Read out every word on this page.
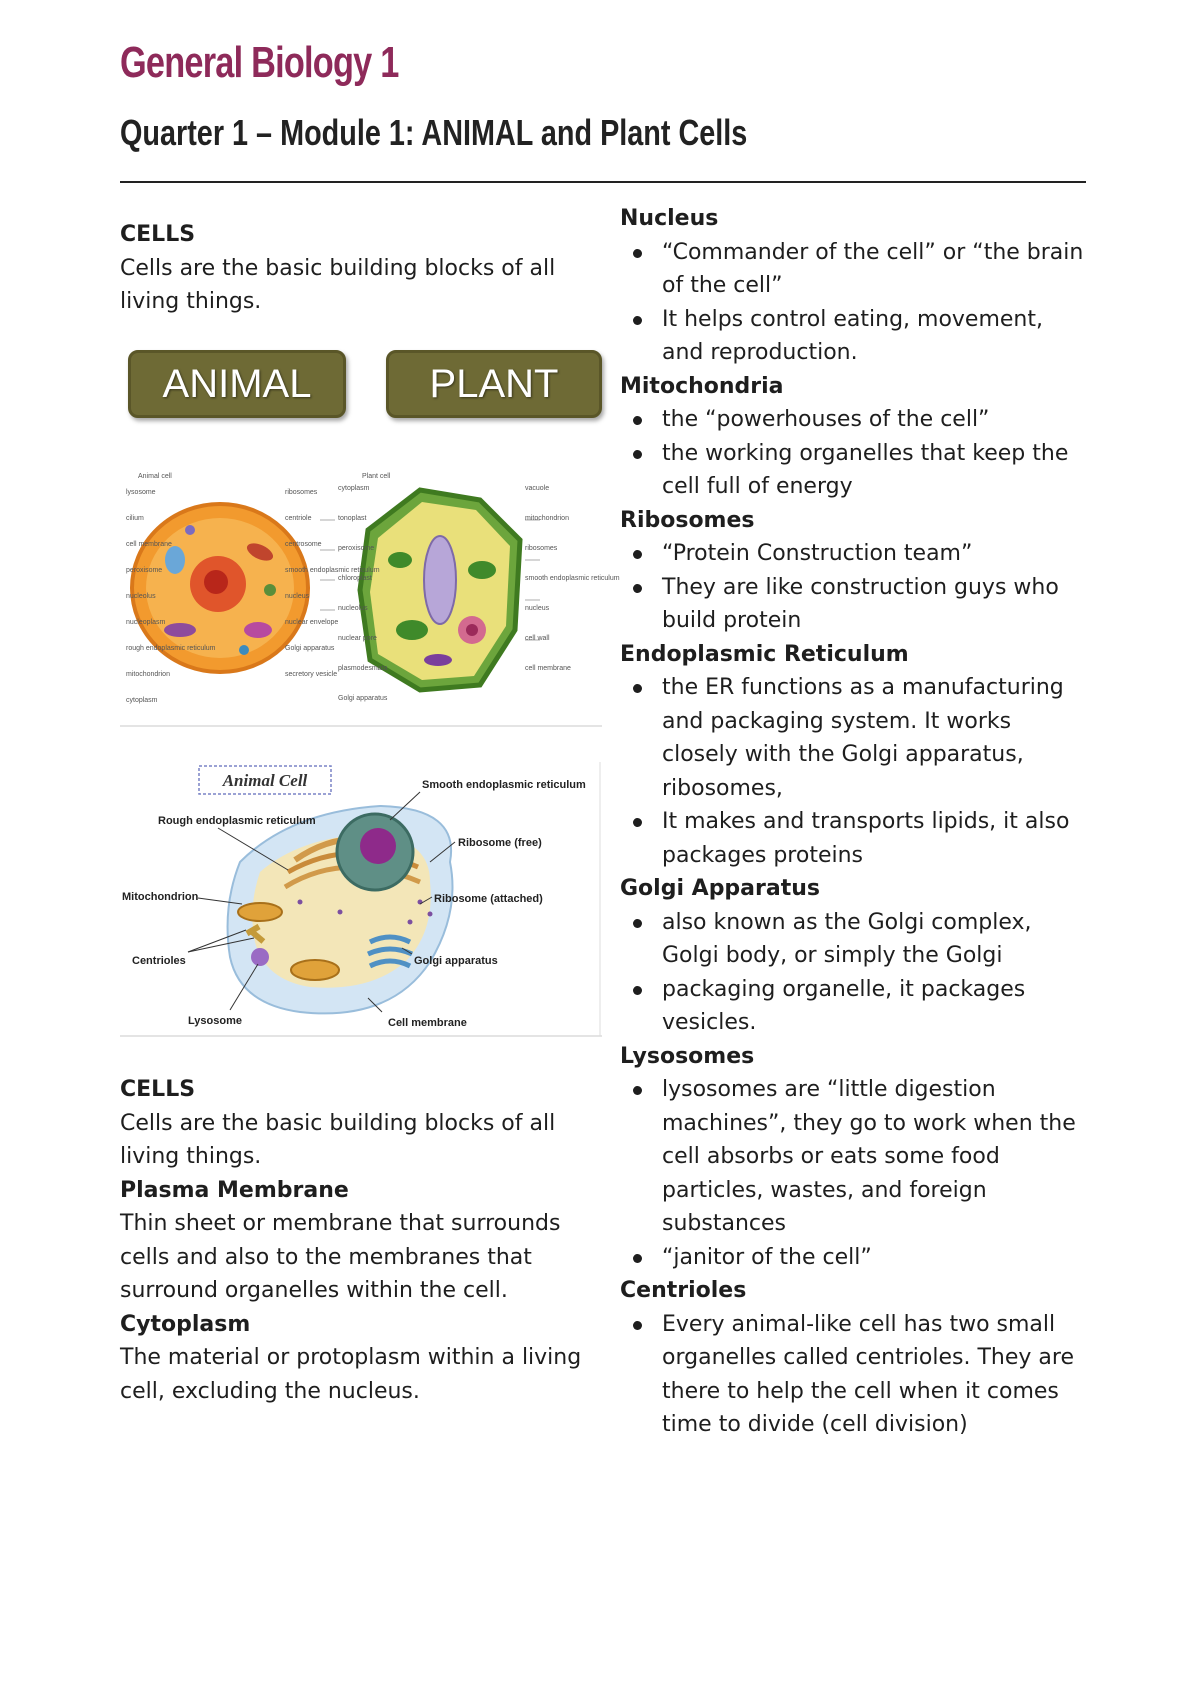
General Biology 1
Quarter 1 – Module 1: ANIMAL and Plant Cells
CELLS

Cells are the basic building blocks of all living things.

ANIMAL	PLANT
Animal cell	Plant cell
lysosome	ribosomes
cilium	centriole
cell membrane	centrosome
peroxisome	smooth endoplasmic reticulum
nucleolus	nucleus
nucleoplasm	nuclear envelope
rough endoplasmic reticulum	Golgi apparatus
mitochondrion	secretory vesicle
cytoplasm
cytoplasm	vacuole
tonoplast	mitochondrion
peroxisome	ribosomes
chloroplast	smooth endoplasmic reticulum
nucleolus	nucleus
nuclear pore	cell wall
plasmodesmata	cell membrane
Golgi apparatus
Animal Cell	Smooth endoplasmic reticulum
Rough endoplasmic reticulum
Ribosome (free)
Mitochondrion	Ribosome (attached)
Centrioles	Golgi apparatus
Lysosome	Cell membrane
CELLS

Cells are the basic building blocks of all living things.

Plasma Membrane

Thin sheet or membrane that surrounds cells and also to the membranes that surround organelles within the cell.

Cytoplasm

The material or protoplasm within a living cell, excluding the nucleus.

Nucleus
“Commander of the cell” or “the brain of the cell”
It helps control eating, movement, and reproduction.
Mitochondria
the “powerhouses of the cell”
the working organelles that keep the cell full of energy
Ribosomes
“Protein Construction team”
They are like construction guys who build protein
Endoplasmic Reticulum
the ER functions as a manufacturing and packaging system. It works closely with the Golgi apparatus, ribosomes,
It makes and transports lipids, it also packages proteins
Golgi Apparatus
also known as the Golgi complex, Golgi body, or simply the Golgi
packaging organelle, it packages vesicles.
Lysosomes
lysosomes are “little digestion machines”, they go to work when the cell absorbs or eats some food particles, wastes, and foreign substances
“janitor of the cell”
Centrioles
Every animal-like cell has two small organelles called centrioles. They are there to help the cell when it comes time to divide (cell division)
